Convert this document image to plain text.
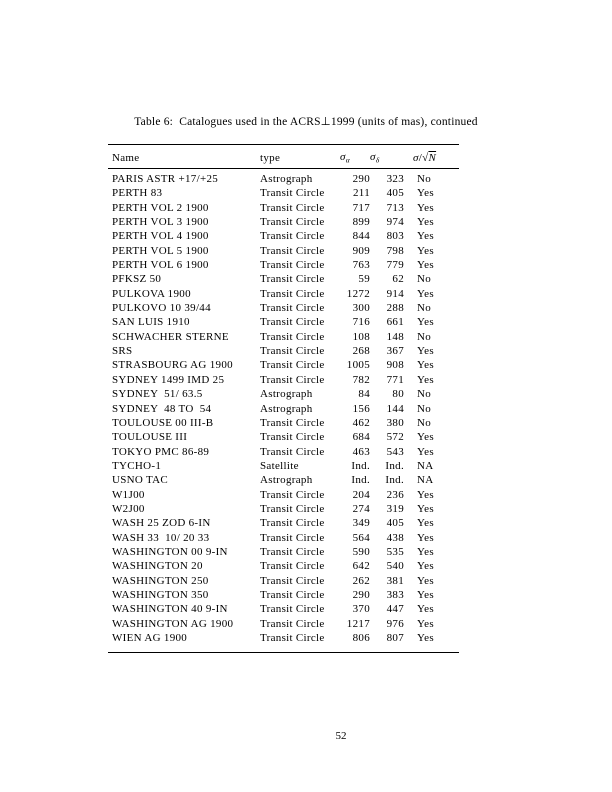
Table 6:  Catalogues used in the ACRS⊥1999 (units of mas), continued
Name	type	$\sigma_\alpha$	$\sigma_\delta$	σ/√N
PARIS ASTR +17/+25	Astrograph	290	323	No
PERTH 83	Transit Circle	211	405	Yes
PERTH VOL 2 1900	Transit Circle	717	713	Yes
PERTH VOL 3 1900	Transit Circle	899	974	Yes
PERTH VOL 4 1900	Transit Circle	844	803	Yes
PERTH VOL 5 1900	Transit Circle	909	798	Yes
PERTH VOL 6 1900	Transit Circle	763	779	Yes
PFKSZ 50	Transit Circle	59	62	No
PULKOVA 1900	Transit Circle	1272	914	Yes
PULKOVO 10 39/44	Transit Circle	300	288	No
SAN LUIS 1910	Transit Circle	716	661	Yes
SCHWACHER STERNE	Transit Circle	108	148	No
SRS	Transit Circle	268	367	Yes
STRASBOURG AG 1900	Transit Circle	1005	908	Yes
SYDNEY 1499 IMD 25	Transit Circle	782	771	Yes
SYDNEY  51/ 63.5	Astrograph	84	80	No
SYDNEY  48 TO  54	Astrograph	156	144	No
TOULOUSE 00 III-B	Transit Circle	462	380	No
TOULOUSE III	Transit Circle	684	572	Yes
TOKYO PMC 86-89	Transit Circle	463	543	Yes
TYCHO-1	Satellite	Ind.	Ind.	NA
USNO TAC	Astrograph	Ind.	Ind.	NA
W1J00	Transit Circle	204	236	Yes
W2J00	Transit Circle	274	319	Yes
WASH 25 ZOD 6-IN	Transit Circle	349	405	Yes
WASH 33  10/ 20 33	Transit Circle	564	438	Yes
WASHINGTON 00 9-IN	Transit Circle	590	535	Yes
WASHINGTON 20	Transit Circle	642	540	Yes
WASHINGTON 250	Transit Circle	262	381	Yes
WASHINGTON 350	Transit Circle	290	383	Yes
WASHINGTON 40 9-IN	Transit Circle	370	447	Yes
WASHINGTON AG 1900	Transit Circle	1217	976	Yes
WIEN AG 1900	Transit Circle	806	807	Yes
52
